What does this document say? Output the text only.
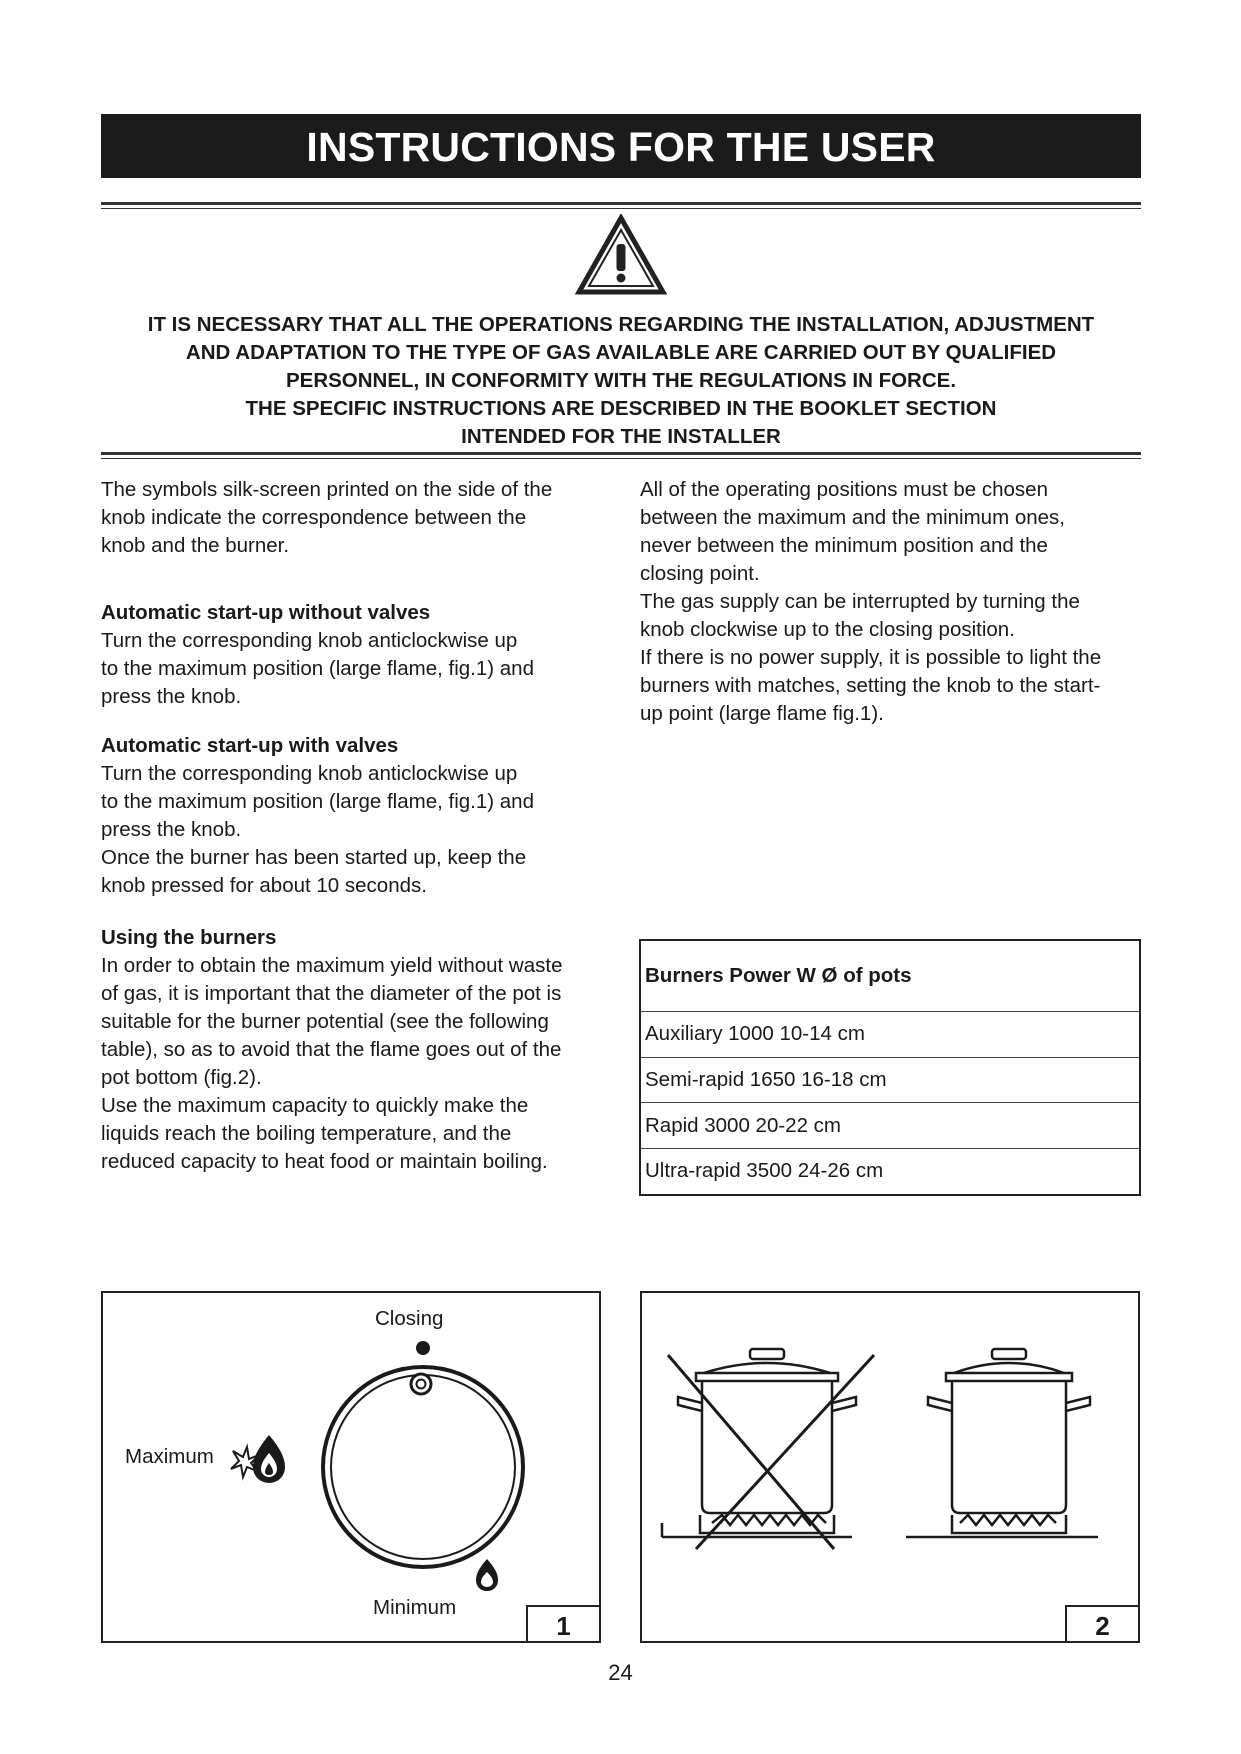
INSTRUCTIONS FOR THE USER
IT IS NECESSARY THAT ALL THE OPERATIONS REGARDING THE INSTALLATION, ADJUSTMENT
AND ADAPTATION TO THE TYPE OF GAS AVAILABLE ARE CARRIED OUT BY QUALIFIED
PERSONNEL, IN CONFORMITY WITH THE REGULATIONS IN FORCE.
THE SPECIFIC INSTRUCTIONS ARE DESCRIBED IN THE BOOKLET SECTION
INTENDED FOR THE INSTALLER
The symbols silk-screen printed on the side of the
knob indicate the correspondence between the
knob and the burner.
Automatic start-up without valves
Turn the corresponding knob anticlockwise up
to the maximum position (large flame, fig.1) and
press the knob.
Automatic start-up with valves
Turn the corresponding knob anticlockwise up
to the maximum position (large flame, fig.1) and
press the knob.
Once the burner has been started up, keep the
knob pressed for about 10 seconds.
Using the burners
In order to obtain the maximum yield without waste
of gas, it is important that the diameter of the pot is
suitable for the burner potential (see the following
table), so as to avoid that the flame goes out of the
pot bottom (fig.2).
Use the maximum capacity to quickly make the
liquids reach the boiling temperature, and the
reduced capacity to heat food or maintain boiling.
All of the operating positions must be chosen
between the maximum and the minimum ones,
never between the minimum position and the
closing point.
The gas supply can be interrupted by turning the
knob clockwise up to the closing position.
If there is no power supply, it is possible to light the
burners with matches, setting the knob to the start-
up point (large flame fig.1).
Burners Power W Ø of pots
Auxiliary 1000 10-14 cm
Semi-rapid 1650 16-18 cm
Rapid 3000 20-22 cm
Ultra-rapid 3500 24-26 cm
Closing
Maximum
Minimum
1	2
24
